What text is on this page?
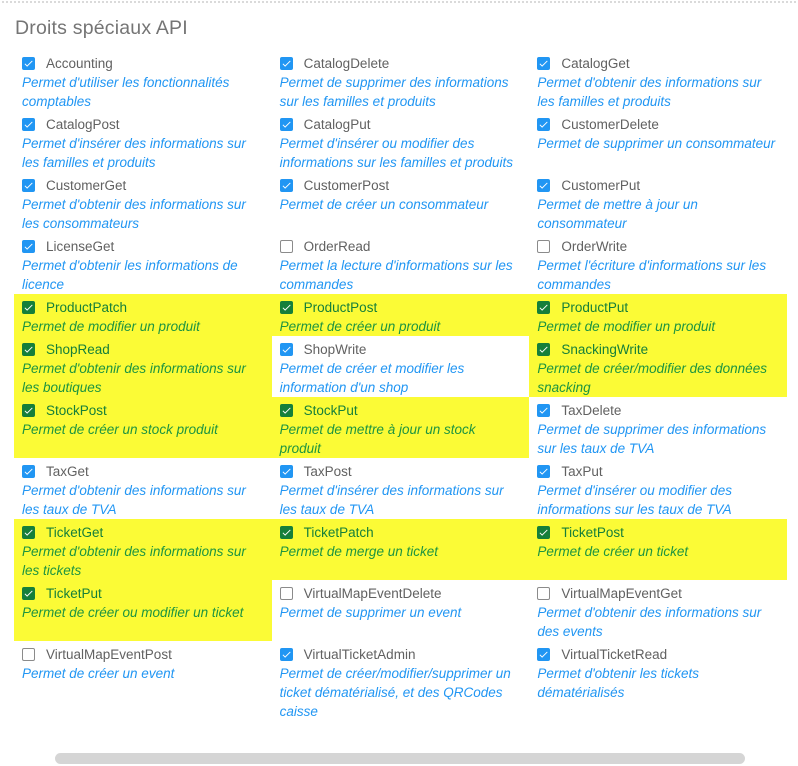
Droits spéciaux API
Accounting
Permet d'utiliser les fonctionnalités comptables
CatalogDelete
Permet de supprimer des informations sur les familles et produits
CatalogGet
Permet d'obtenir des informations sur les familles et produits
CatalogPost
Permet d'insérer des informations sur les familles et produits
CatalogPut
Permet d'insérer ou modifier des informations sur les familles et produits
CustomerDelete
Permet de supprimer un consommateur
CustomerGet
Permet d'obtenir des informations sur les consommateurs
CustomerPost
Permet de créer un consommateur
CustomerPut
Permet de mettre à jour un consommateur
LicenseGet
Permet d'obtenir les informations de licence
OrderRead
Permet la lecture d'informations sur les commandes
OrderWrite
Permet l'écriture d'informations sur les commandes
ProductPatch
Permet de modifier un produit
ProductPost
Permet de créer un produit
ProductPut
Permet de modifier un produit
ShopRead
Permet d'obtenir des informations sur les boutiques
ShopWrite
Permet de créer et modifier les information d'un shop
SnackingWrite
Permet de créer/modifier des données snacking
StockPost
Permet de créer un stock produit
StockPut
Permet de mettre à jour un stock produit
TaxDelete
Permet de supprimer des informations sur les taux de TVA
TaxGet
Permet d'obtenir des informations sur les taux de TVA
TaxPost
Permet d'insérer des informations sur les taux de TVA
TaxPut
Permet d'insérer ou modifier des informations sur les taux de TVA
TicketGet
Permet d'obtenir des informations sur les tickets
TicketPatch
Permet de merge un ticket
TicketPost
Permet de créer un ticket
TicketPut
Permet de créer ou modifier un ticket
VirtualMapEventDelete
Permet de supprimer un event
VirtualMapEventGet
Permet d'obtenir des informations sur des events
VirtualMapEventPost
Permet de créer un event
VirtualTicketAdmin
Permet de créer/modifier/supprimer un ticket dématérialisé, et des QRCodes caisse
VirtualTicketRead
Permet d'obtenir les tickets dématérialisés
